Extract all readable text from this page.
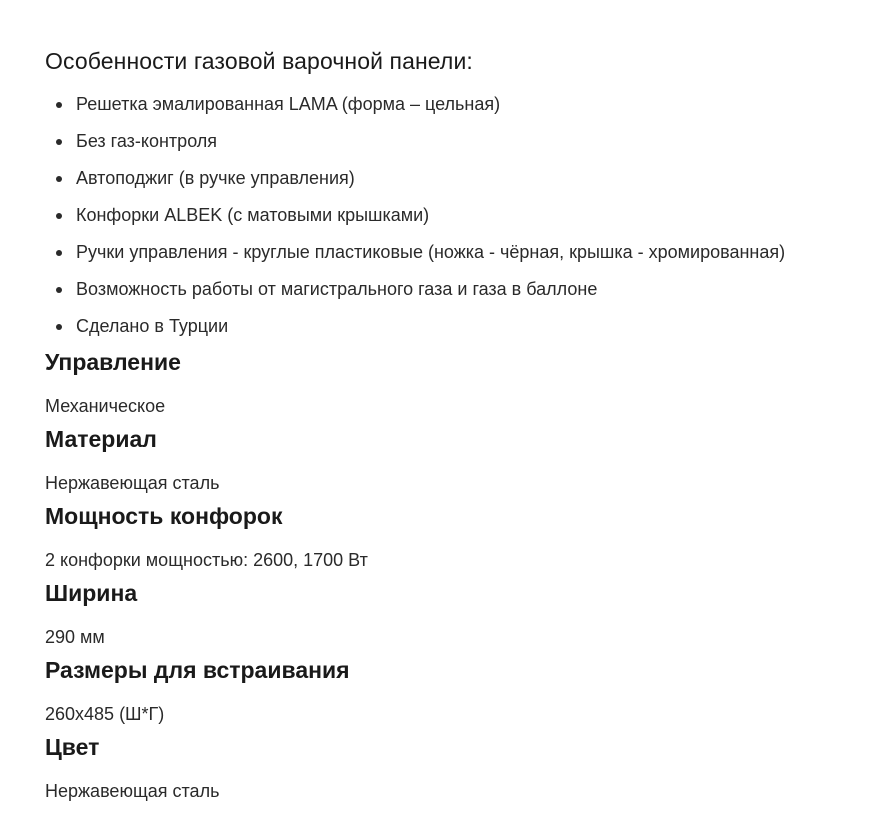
Особенности газовой варочной панели:
Решетка эмалированная LAMA (форма – цельная)
Без газ-контроля
Автоподжиг (в ручке управления)
Конфорки ALBEK (с матовыми крышками)
Ручки управления - круглые пластиковые (ножка - чёрная, крышка - хромированная)
Возможность работы от магистрального газа и газа в баллоне
Сделано в Турции
Управление
Механическое
Материал
Нержавеющая сталь
Мощность конфорок
2 конфорки мощностью: 2600, 1700 Вт
Ширина
290 мм
Размеры для встраивания
260х485 (Ш*Г)
Цвет
Нержавеющая сталь
